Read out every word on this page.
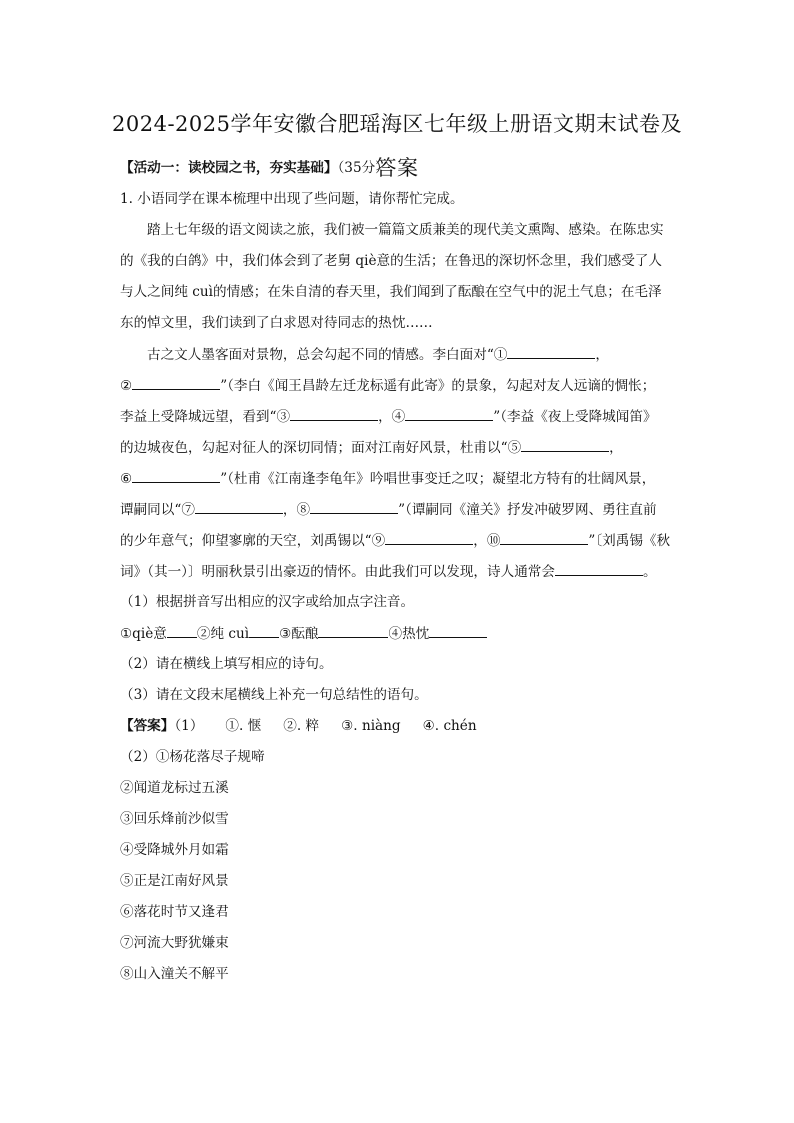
2024-2025学年安徽合肥瑶海区七年级上册语文期末试卷及
答案
【活动一：读校园之书，夯实基础】（35分）
1. 小语同学在课本梳理中出现了些问题，请你帮忙完成。
踏上七年级的语文阅读之旅，我们被一篇篇文质兼美的现代美文熏陶、感染。在陈忠实
的《我的白鸽》中，我们体会到了老舅 qiè意的生活；在鲁迅的深切怀念里，我们感受了人
与人之间纯 cuì的情感；在朱自清的春天里，我们闻到了酝酿在空气中的泥土气息；在毛泽
东的悼文里，我们读到了白求恩对待同志的热忱……
古之文人墨客面对景物，总会勾起不同的情感。李白面对“①	，
②	”（李白《闻王昌龄左迁龙标遥有此寄》的景象，勾起对友人远谪的惆怅；
李益上受降城远望，看到“③	，④	”（李益《夜上受降城闻笛》
的边城夜色，勾起对征人的深切同情；面对江南好风景，杜甫以“⑤	，
⑥	”（杜甫《江南逢李龟年》吟唱世事变迁之叹；凝望北方特有的壮阔风景，
谭嗣同以“⑦	，⑧	”（谭嗣同《潼关》抒发冲破罗网、勇往直前
的少年意气；仰望寥廓的天空，刘禹锡以“⑨	，⑩	”〔刘禹锡《秋
词》（其一）〕明丽秋景引出豪迈的情怀。由此我们可以发现，诗人通常会	。
（1）根据拼音写出相应的汉字或给加点字注音。
①qiè意 ②纯 cuì ③酝酿	④热忱
（2）请在横线上填写相应的诗句。
（3）请在文段末尾横线上补充一句总结性的语句。
【答案】（1） ①. 惬 ②. 粹 ③. niàng ④. chén
（2）①杨花落尽子规啼
②闻道龙标过五溪
③回乐烽前沙似雪
④受降城外月如霜
⑤正是江南好风景
⑥落花时节又逢君
⑦河流大野犹嫌束
⑧山入潼关不解平
